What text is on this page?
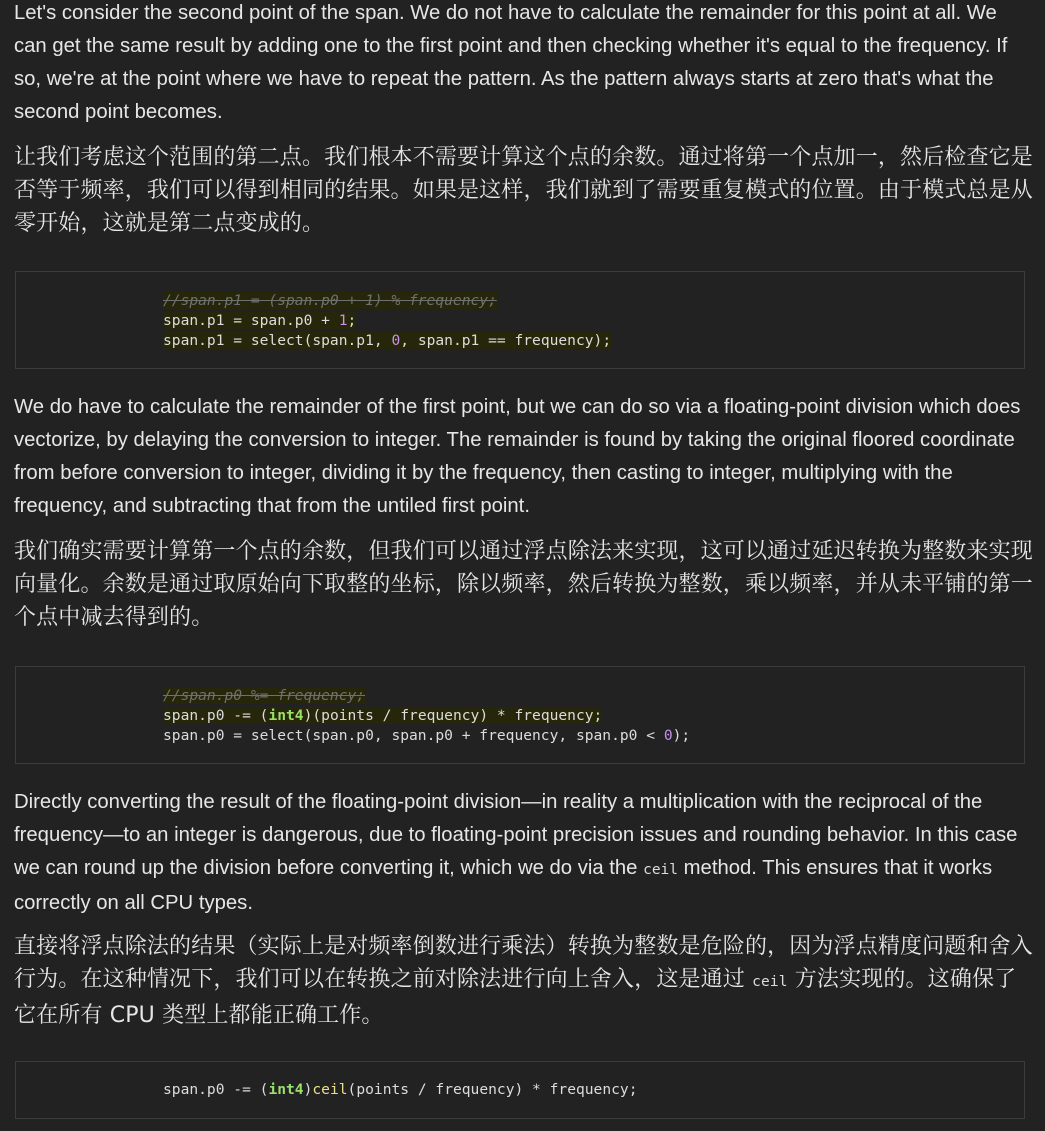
Let's consider the second point of the span. We do not have to calculate the remainder for this point at all. We can get the same result by adding one to the first point and then checking whether it's equal to the frequency. If so, we're at the point where we have to repeat the pattern. As the pattern always starts at zero that's what the second point becomes.

让我们考虑这个范围的第二点。我们根本不需要计算这个点的余数。通过将第一个点加一，然后检查它是否等于频率，我们可以得到相同的结果。如果是这样，我们就到了需要重复模式的位置。由于模式总是从零开始，这就是第二点变成的。

//span.p1 = (span.p0 + 1) % frequency;
span.p1 = span.p0 + 1;
span.p1 = select(span.p1, 0, span.p1 == frequency);

We do have to calculate the remainder of the first point, but we can do so via a floating-point division which does vectorize, by delaying the conversion to integer. The remainder is found by taking the original floored coordinate from before conversion to integer, dividing it by the frequency, then casting to integer, multiplying with the frequency, and subtracting that from the untiled first point.

我们确实需要计算第一个点的余数，但我们可以通过浮点除法来实现，这可以通过延迟转换为整数来实现向量化。余数是通过取原始向下取整的坐标，除以频率，然后转换为整数，乘以频率，并从未平铺的第一个点中减去得到的。

//span.p0 %= frequency;
span.p0 -= (int4)(points / frequency) * frequency;
span.p0 = select(span.p0, span.p0 + frequency, span.p0 < 0);

Directly converting the result of the floating-point division—in reality a multiplication with the reciprocal of the frequency—to an integer is dangerous, due to floating-point precision issues and rounding behavior. In this case we can round up the division before converting it, which we do via the ceil method. This ensures that it works correctly on all CPU types.

直接将浮点除法的结果（实际上是对频率倒数进行乘法）转换为整数是危险的，因为浮点精度问题和舍入行为。在这种情况下，我们可以在转换之前对除法进行向上舍入，这是通过 ceil 方法实现的。这确保了它在所有 CPU 类型上都能正确工作。

span.p0 -= (int4)ceil(points / frequency) * frequency;
